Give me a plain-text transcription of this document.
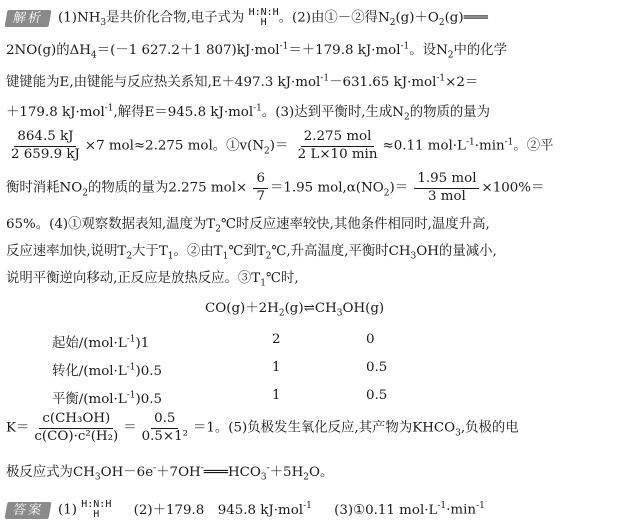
解析 $(1)NH_3$是共价化合物,电子式为 H:N:H
H 。(2)由①－②得$N_2(g)+O_2(g)═══$
2NO(g)的$\Delta H_4=(-1$ 627.2＋1 807)kJ·mol$^{-1}$＝＋179.8 kJ·mol$^{-1}$。设$N_2$中的化学
键键能为E,由键能与反应热关系知,E＋497.3 kJ·mol$^{-1}$－631.65 kJ·mol$^{-1}$×2＝
＋179.8 kJ·mol$^{-1}$,解得E＝945.8 kJ·mol$^{-1}$。(3)达到平衡时,生成$N_2$的物质的量为
$\frac{864.5 kJ}{2 659.9 kJ} \times 7$ mol≈2.275 mol。$①v(N_2)= \frac{\text{2.275 mol}}{2 L\times 10 \min} \approx 0.11$ $mol\cdot L^{-1}\cdot\min^{-1}$。②平
衡时消耗$NO_2$的物质的量为2.275 $mol\times \frac{6}{7} =1.95$ $mol,\alpha(NO_2)= \frac{\text{1.95 mol}}{\text{3 mol}} \times 100\%=$
65%。(4)①观察数据表知,温度为$T_2℃$时反应速率较快,其他条件相同时,温度升高,
反应速率加快,说明$T_2$大于$T_1$。②由$T_1℃$到$T_2℃$,升高温度,平衡时$CH_3OH$的量减小,
说明平衡逆向移动,正反应是放热反应。$③T_1℃$时,
$CO(g)+2H_2(g)\rightleftharpoons CH_3OH(g)$
起始$/(mol\cdot L^{-1})1$	2	0
转化$/(mol\cdot L^{-1})0.5$	1	0.5
平衡$/(mol\cdot L^{-1})0.5$	1	0.5
$K= \frac{\text{c(CH₃OH)}}{\text{c(CO)·c²(H₂)}} = \frac{0.5}{\text{0.5×1²}} =1$。(5)负极发生氧化反应,其产物为$KHCO_3$,负极的电
极反应式为$CH_3OH-6e^-+7OH^-═══HCO_3^-+5H_2O$。
答案 (1) H:N:H
H	(2)＋179.8　945.8 kJ·mol$^{-1}$ (3)①0.11 $mol\cdot L^{-1}\cdot\min^{-1}$
